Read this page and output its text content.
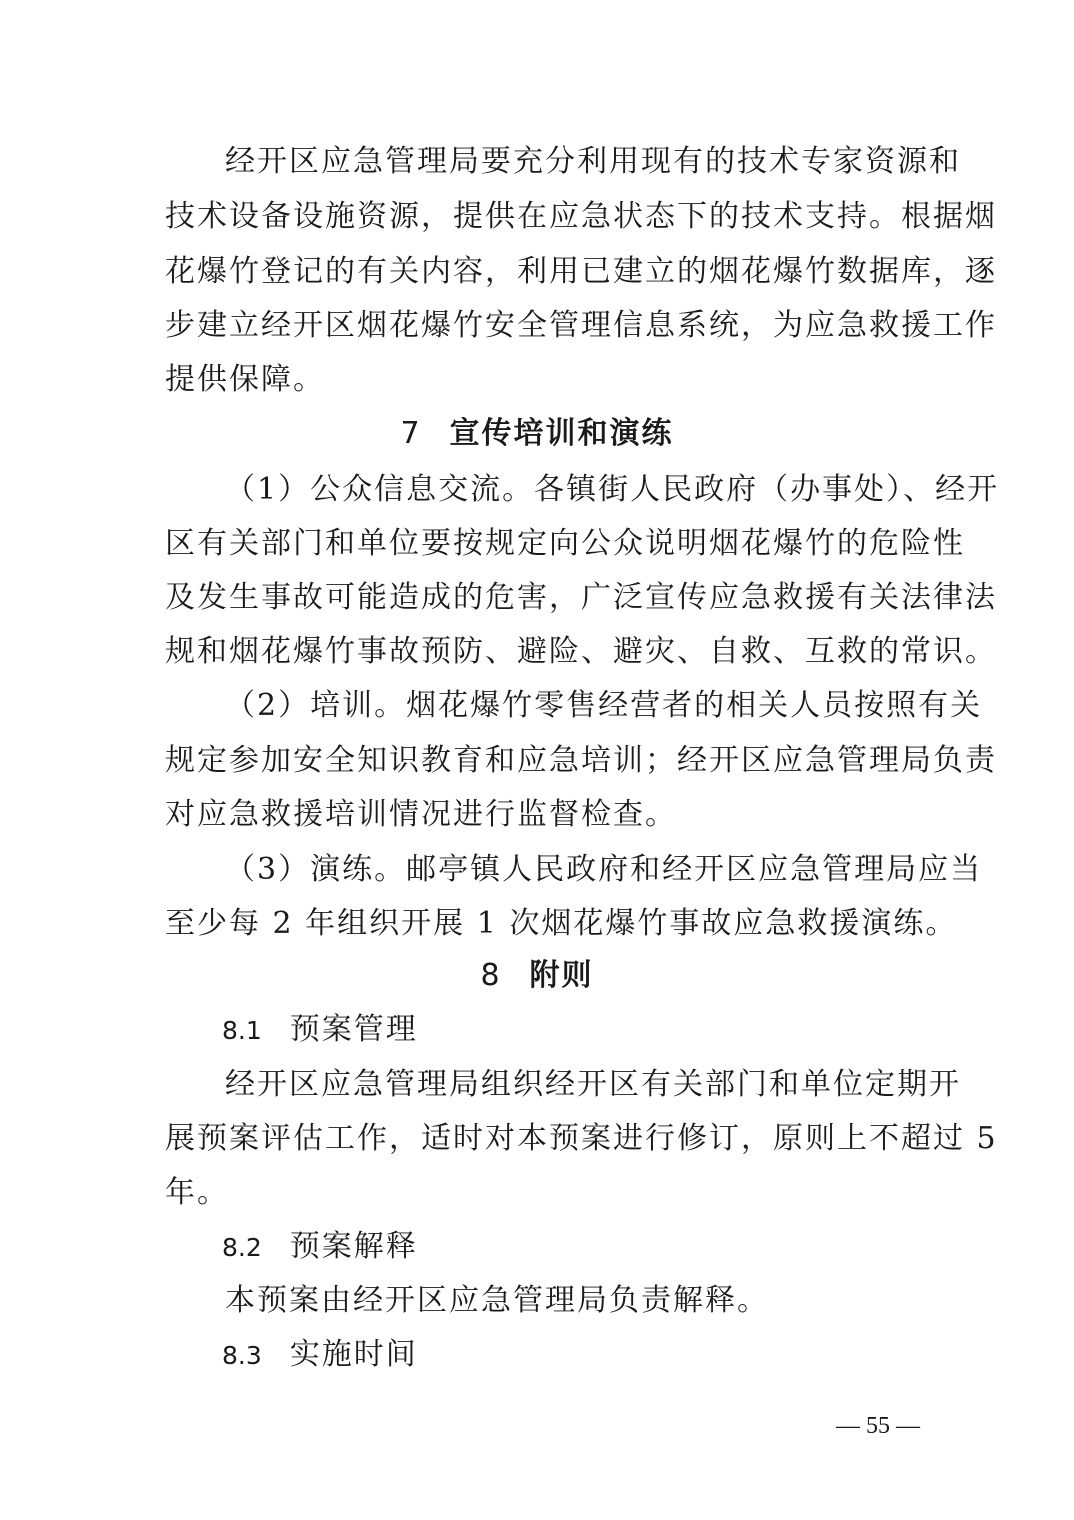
经开区应急管理局要充分利用现有的技术专家资源和
技术设备设施资源，提供在应急状态下的技术支持。根据烟
花爆竹登记的有关内容，利用已建立的烟花爆竹数据库，逐
步建立经开区烟花爆竹安全管理信息系统，为应急救援工作
提供保障。
7 宣传培训和演练
（1）公众信息交流。各镇街人民政府（办事处）、经开
区有关部门和单位要按规定向公众说明烟花爆竹的危险性
及发生事故可能造成的危害，广泛宣传应急救援有关法律法
规和烟花爆竹事故预防、避险、避灾、自救、互救的常识。
（2）培训。烟花爆竹零售经营者的相关人员按照有关
规定参加安全知识教育和应急培训；经开区应急管理局负责
对应急救援培训情况进行监督检查。
（3）演练。邮亭镇人民政府和经开区应急管理局应当
至少每 2 年组织开展 1 次烟花爆竹事故应急救援演练。
8 附则
8.1 预案管理
经开区应急管理局组织经开区有关部门和单位定期开
展预案评估工作，适时对本预案进行修订，原则上不超过 5
年。
8.2 预案解释
本预案由经开区应急管理局负责解释。
8.3 实施时间
— 55 —
